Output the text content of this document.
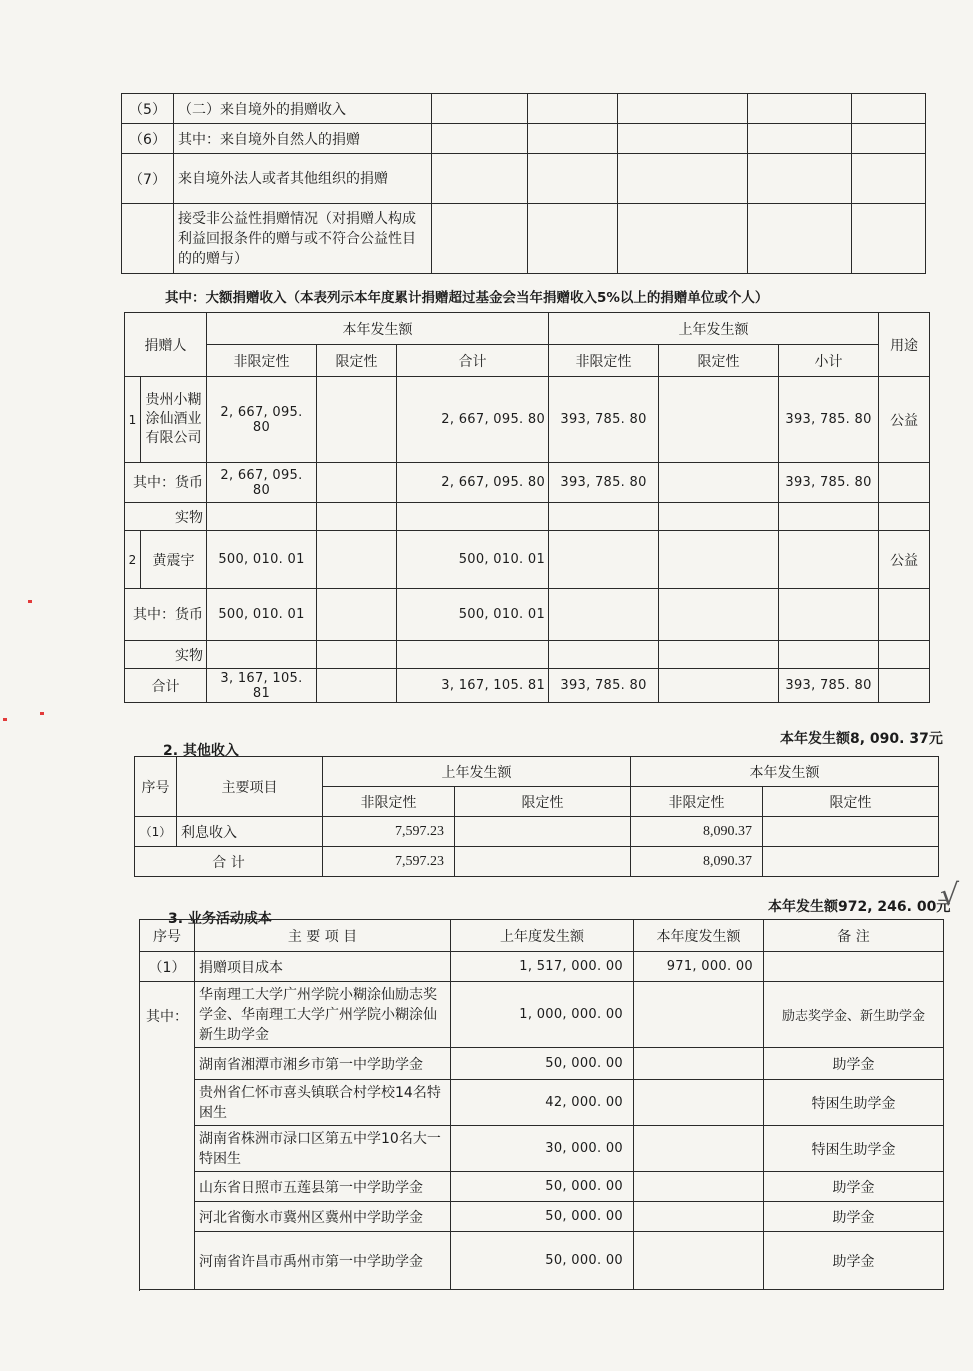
（5）	（二）来自境外的捐赠收入					
（6）	其中：来自境外自然人的捐赠					
（7）	来自境外法人或者其他组织的捐赠					
	接受非公益性捐赠情况（对捐赠人构成利益回报条件的赠与或不符合公益性目的的赠与）					
其中：大额捐赠收入（本表列示本年度累计捐赠超过基金会当年捐赠收入5%以上的捐赠单位或个人）
捐赠人		本年发生额			上年发生额			用途
		非限定性	限定性	合计	非限定性	限定性	小计	
1	贵州小糊涂仙酒业有限公司	2, 667, 095. 80		2, 667, 095. 80	393, 785. 80		393, 785. 80	公益
其中：货币		2, 667, 095. 80		2, 667, 095. 80	393, 785. 80		393, 785. 80	
实物								
2	黄震宇	500, 010. 01		500, 010. 01				公益
其中：货币		500, 010. 01		500, 010. 01				
实物								
合计		3, 167, 105. 81		3, 167, 105. 81	393, 785. 80		393, 785. 80	
2. 其他收入
本年发生额8, 090. 37元
序号	主要项目	上年发生额		本年发生额	
		非限定性	限定性	非限定性	限定性
（1）	利息收入	7,597.23		8,090.37	
合 计		7,597.23		8,090.37	
3. 业务活动成本
本年发生额972, 246. 00元
√
序号	主 要 项 目	上年度发生额	本年度发生额	备 注
（1）	捐赠项目成本	1, 517, 000. 00	971, 000. 00	
其中：	华南理工大学广州学院小糊涂仙励志奖学金、华南理工大学广州学院小糊涂仙新生助学金	1, 000, 000. 00		励志奖学金、新生助学金
	湖南省湘潭市湘乡市第一中学助学金	50, 000. 00		助学金
	贵州省仁怀市喜头镇联合村学校14名特困生	42, 000. 00		特困生助学金
	湖南省株洲市渌口区第五中学10名大一特困生	30, 000. 00		特困生助学金
	山东省日照市五莲县第一中学助学金	50, 000. 00		助学金
	河北省衡水市冀州区冀州中学助学金	50, 000. 00		助学金
	河南省许昌市禹州市第一中学助学金	50, 000. 00		助学金
